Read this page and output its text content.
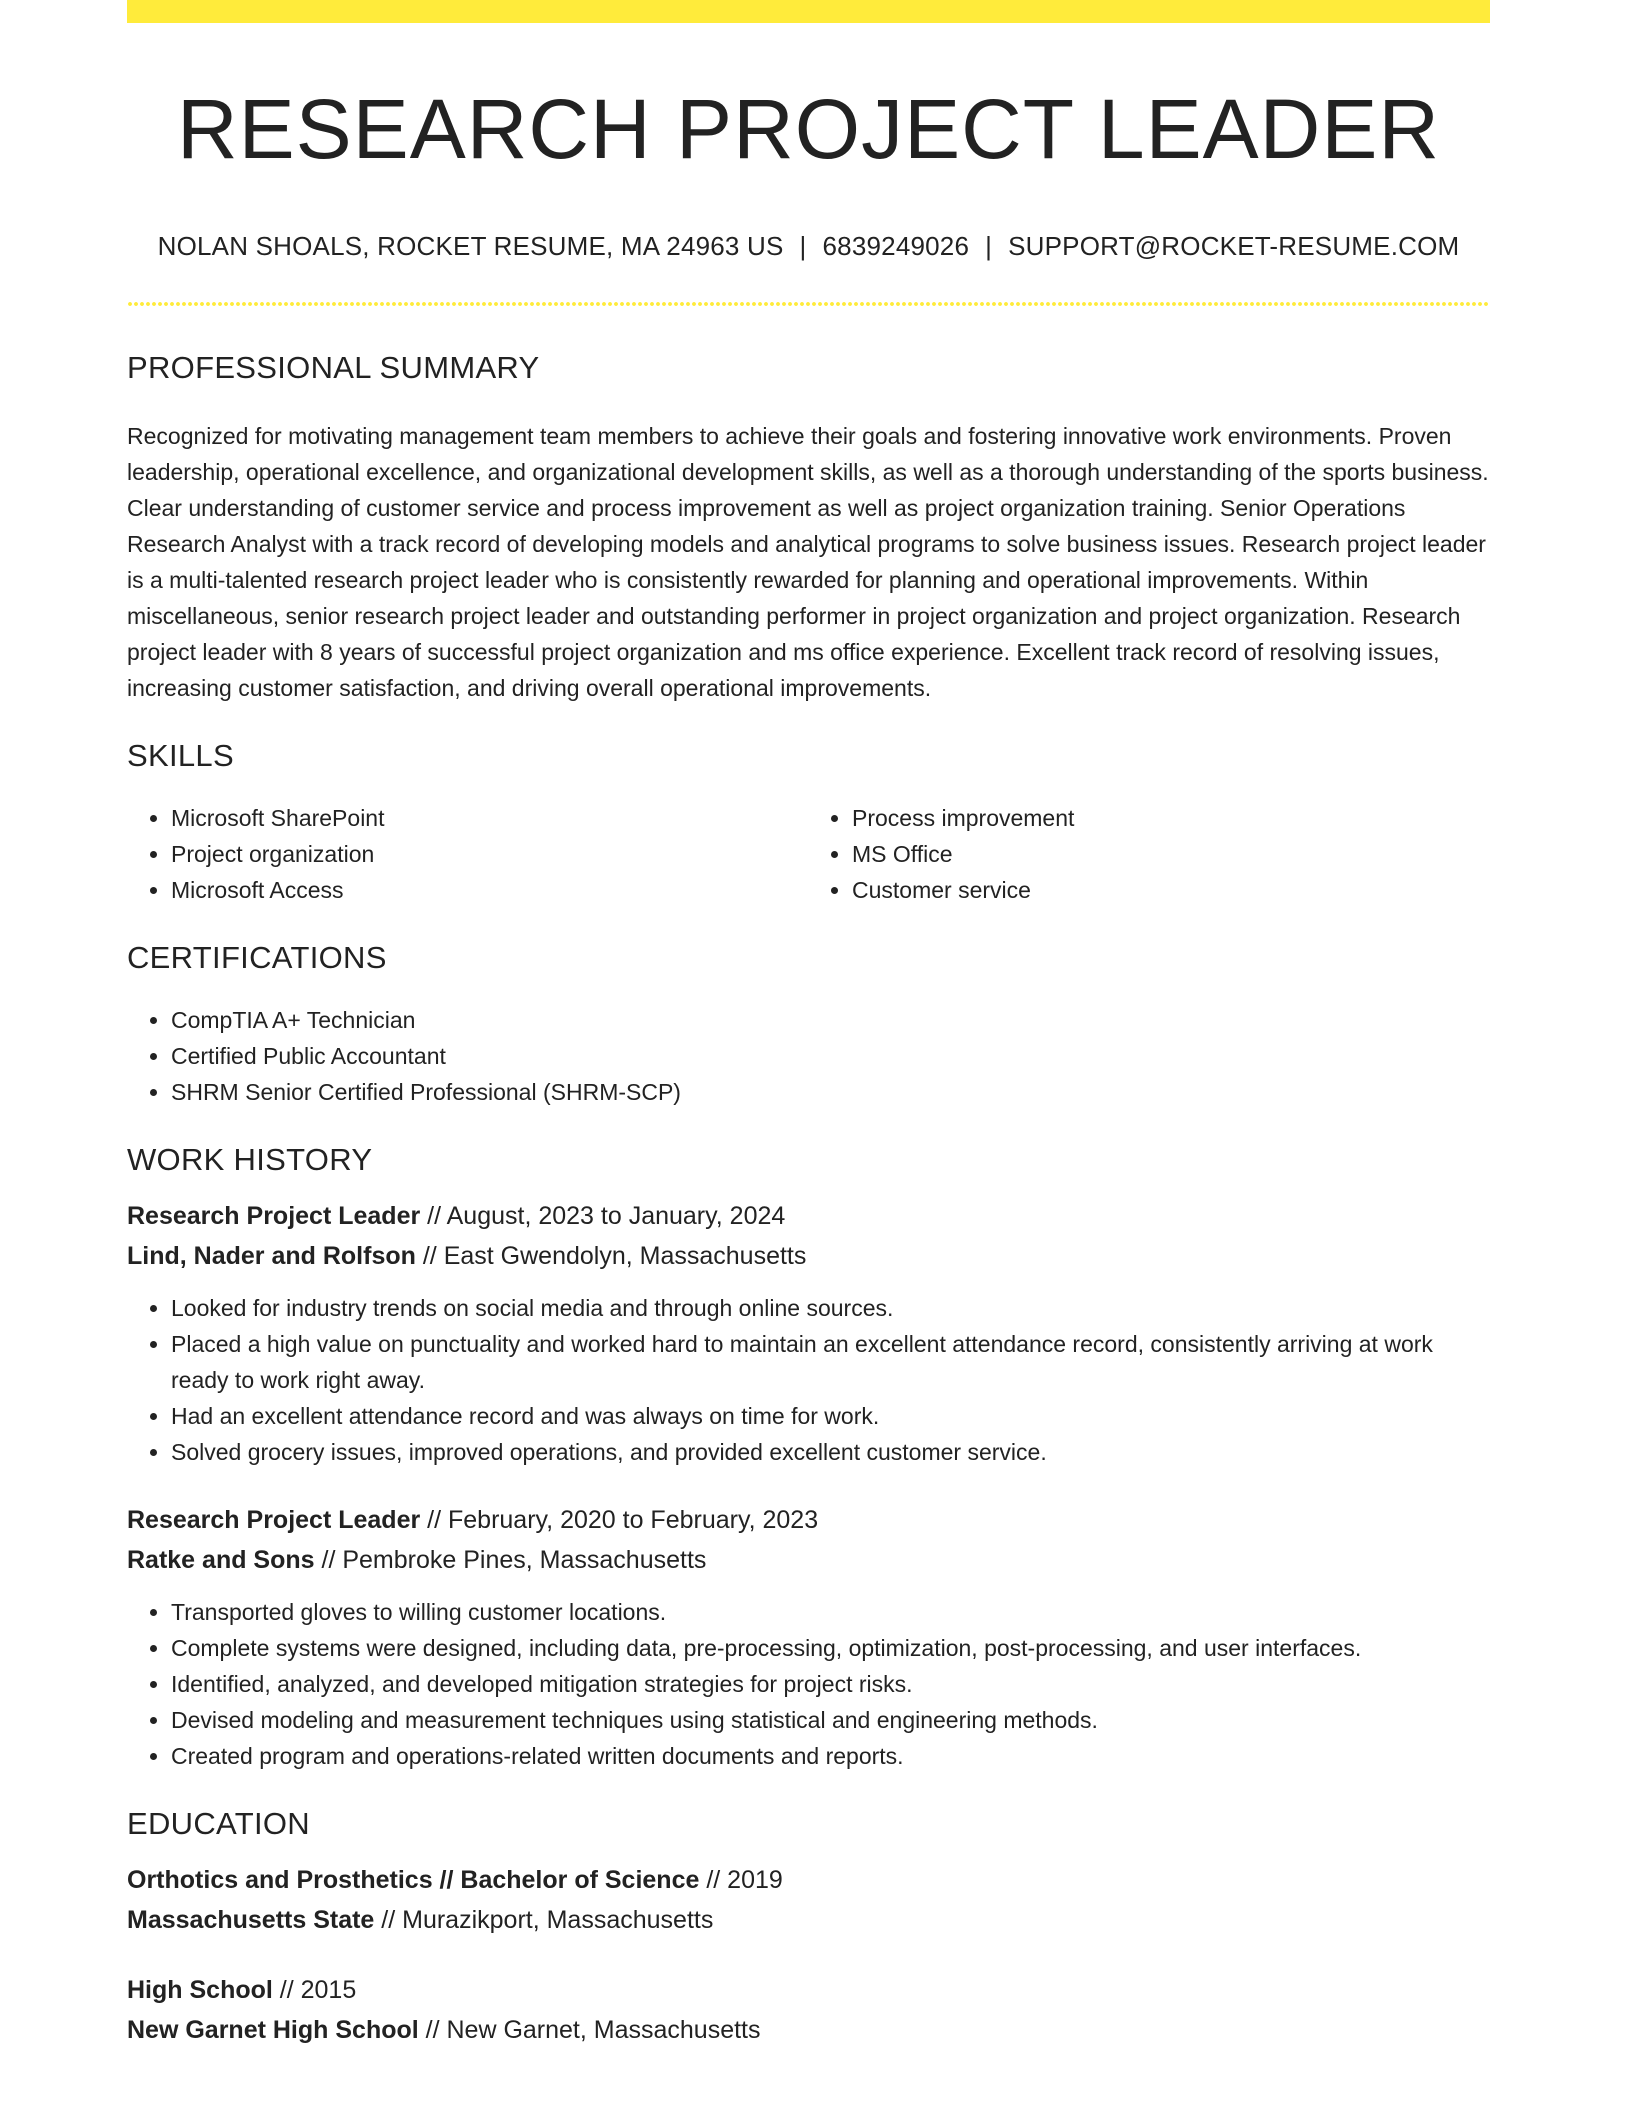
RESEARCH PROJECT LEADER
NOLAN SHOALS, ROCKET RESUME, MA 24963 US | 6839249026 | SUPPORT@ROCKET-RESUME.COM
PROFESSIONAL SUMMARY

Recognized for motivating management team members to achieve their goals and fostering innovative work environments. Proven leadership, operational excellence, and organizational development skills, as well as a thorough understanding of the sports business. Clear understanding of customer service and process improvement as well as project organization training. Senior Operations Research Analyst with a track record of developing models and analytical programs to solve business issues. Research project leader is a multi-talented research project leader who is consistently rewarded for planning and operational improvements. Within miscellaneous, senior research project leader and outstanding performer in project organization and project organization. Research project leader with 8 years of successful project organization and ms office experience. Excellent track record of resolving issues, increasing customer satisfaction, and driving overall operational improvements.

SKILLS
• Microsoft SharePoint
• Project organization
• Microsoft Access
• Process improvement
• MS Office
• Customer service
CERTIFICATIONS
• CompTIA A+ Technician
• Certified Public Accountant
• SHRM Senior Certified Professional (SHRM-SCP)
WORK HISTORY
Research Project Leader // August, 2023 to January, 2024
Lind, Nader and Rolfson // East Gwendolyn, Massachusetts
• Looked for industry trends on social media and through online sources.
• Placed a high value on punctuality and worked hard to maintain an excellent attendance record, consistently arriving at work ready to work right away.
• Had an excellent attendance record and was always on time for work.
• Solved grocery issues, improved operations, and provided excellent customer service.
Research Project Leader // February, 2020 to February, 2023
Ratke and Sons // Pembroke Pines, Massachusetts
• Transported gloves to willing customer locations.
• Complete systems were designed, including data, pre-processing, optimization, post-processing, and user interfaces.
• Identified, analyzed, and developed mitigation strategies for project risks.
• Devised modeling and measurement techniques using statistical and engineering methods.
• Created program and operations-related written documents and reports.
EDUCATION
Orthotics and Prosthetics // Bachelor of Science // 2019
Massachusetts State // Murazikport, Massachusetts
High School // 2015
New Garnet High School // New Garnet, Massachusetts
